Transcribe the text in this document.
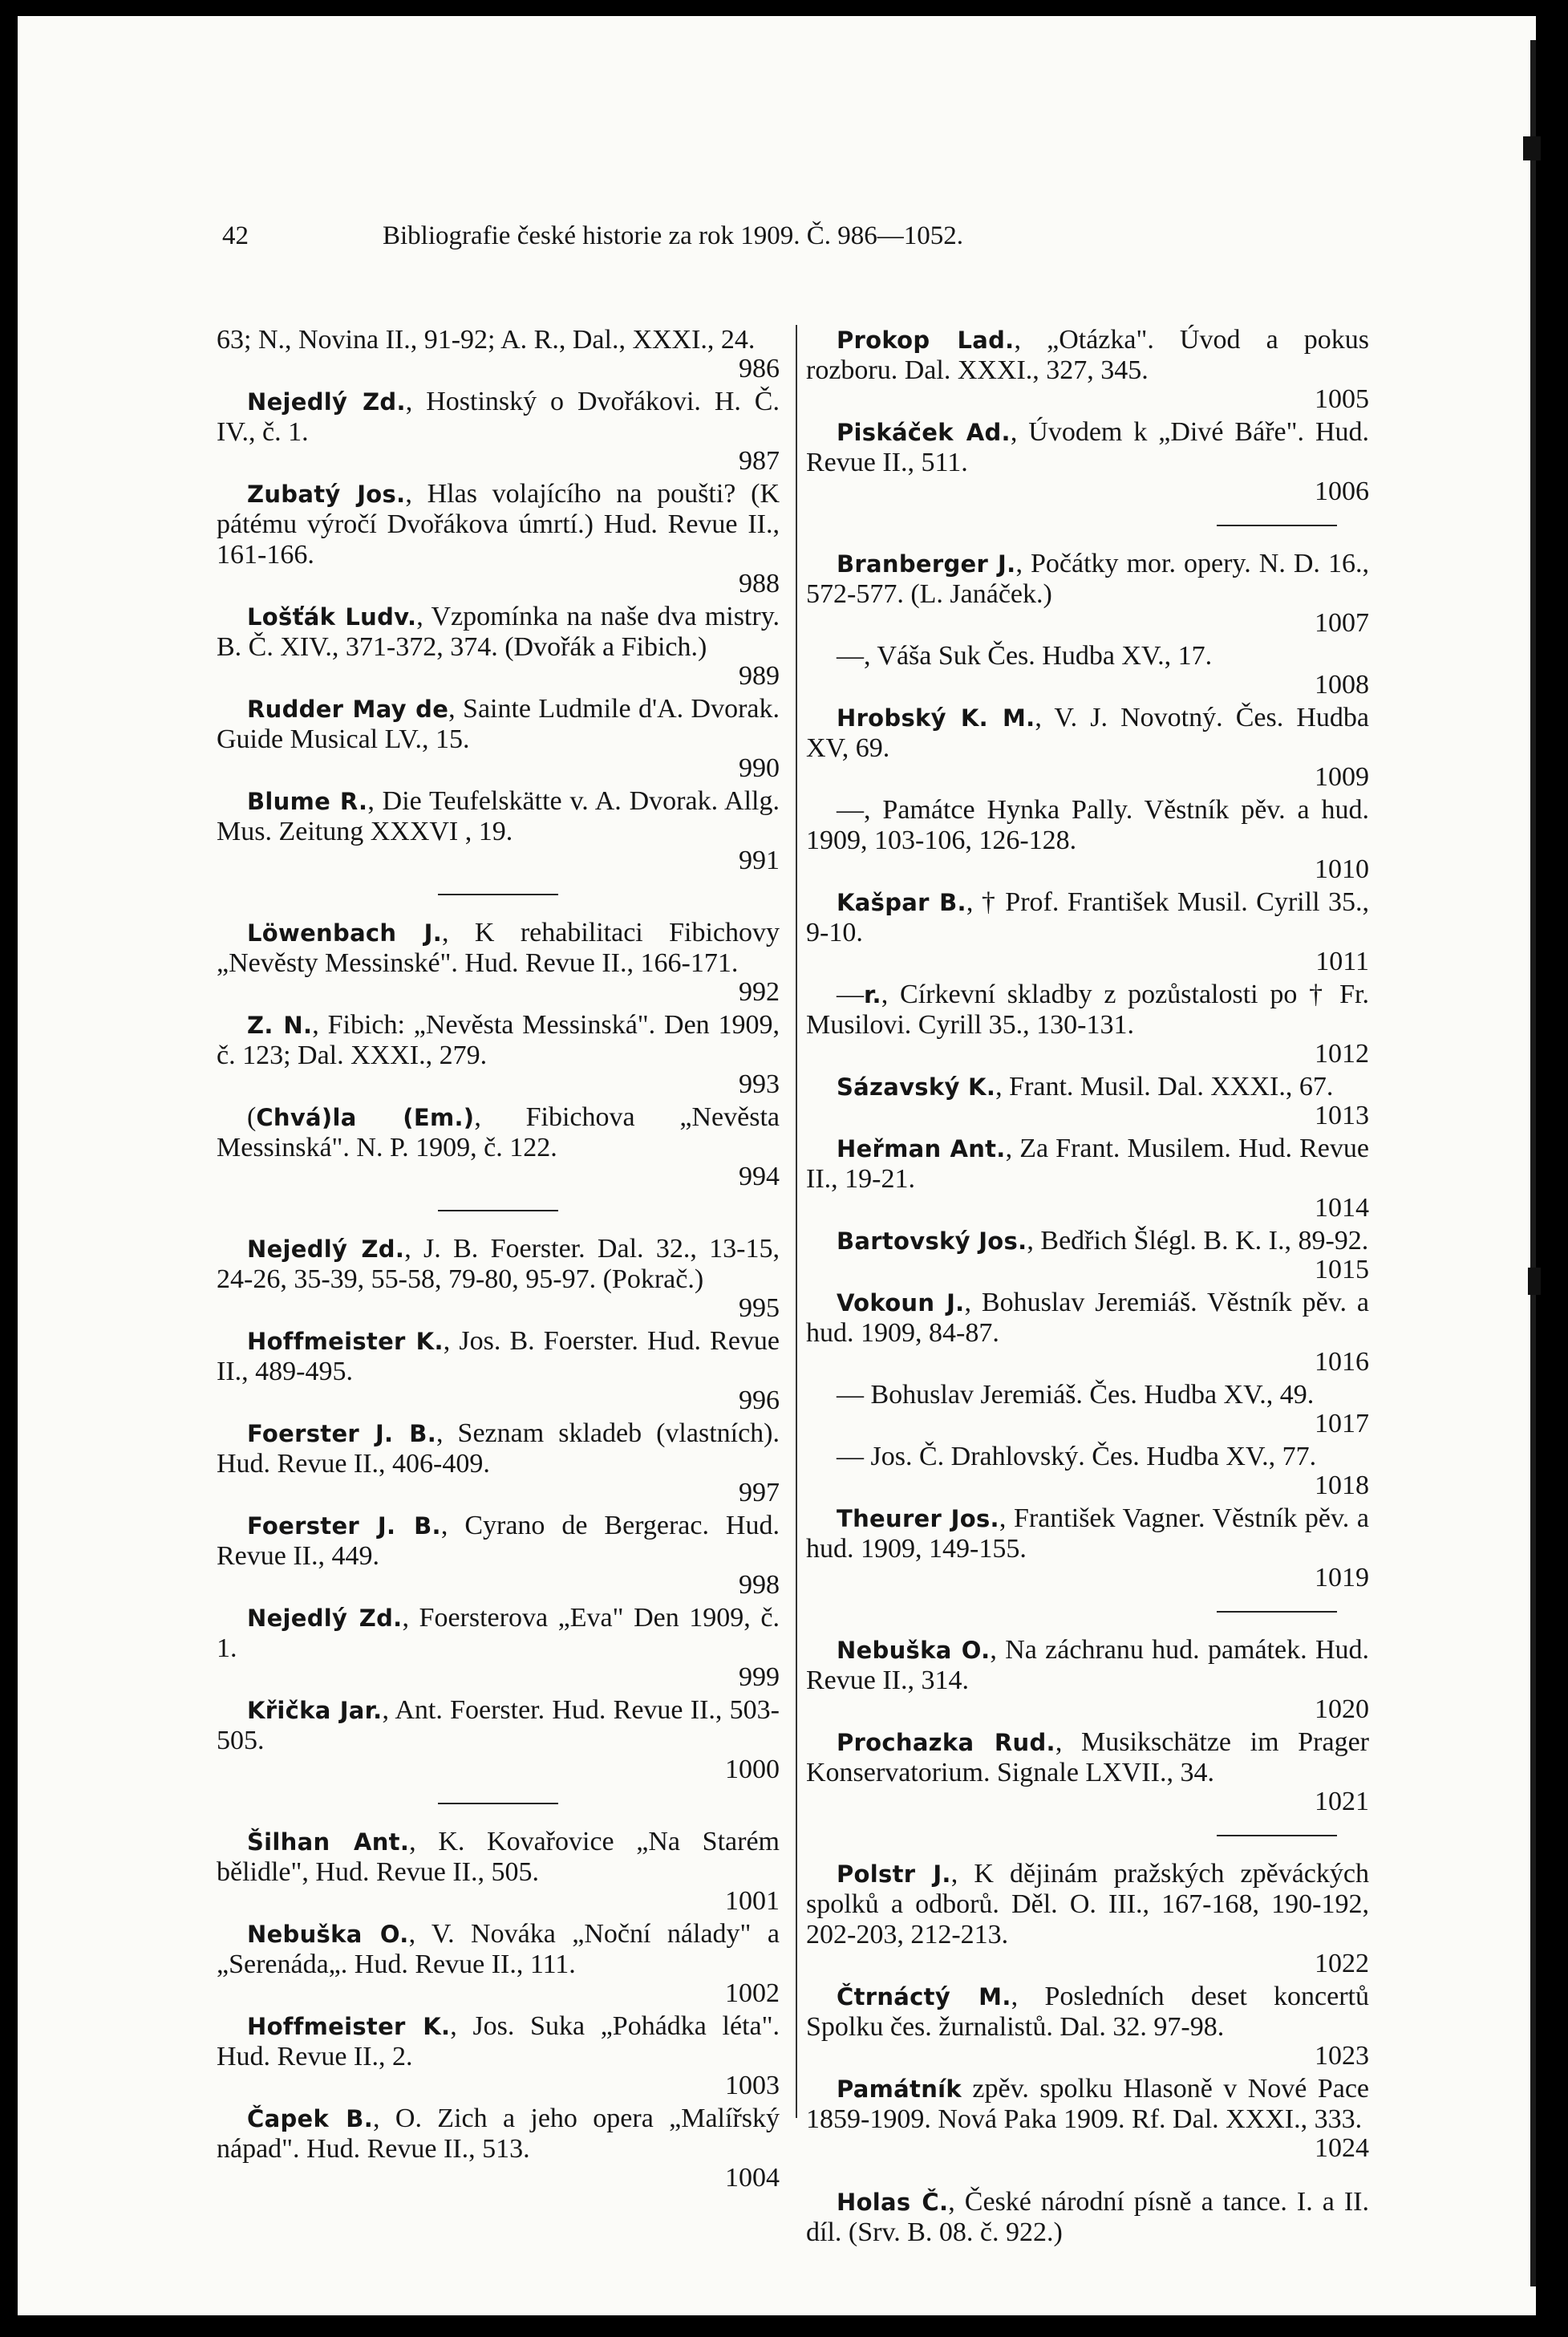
42	Bibliografie české historie za rok 1909. Č. 986—1052.
63; N., Novina II., 91-92; A. R., Dal., XXXI., 24.
986
Nejedlý Zd., Hostinský o Dvořákovi. H. Č. IV., č. 1.
987
Zubatý Jos., Hlas volajícího na poušti? (K pátému výročí Dvořákova úmrtí.) Hud. Revue II., 161-166.
988
Lošťák Ludv., Vzpomínka na naše dva mistry. B. Č. XIV., 371-372, 374. (Dvořák a Fibich.)
989
Rudder May de, Sainte Ludmile d'A. Dvorak. Guide Musical LV., 15.
990
Blume R., Die Teufelskätte v. A. Dvorak. Allg. Mus. Zeitung XXXVI , 19.
991
Löwenbach J., K rehabilitaci Fibichovy „Nevěsty Messinské". Hud. Revue II., 166-171.
992
Z. N., Fibich: „Nevěsta Messinská". Den 1909, č. 123; Dal. XXXI., 279.
993
(Chvá)la (Em.), Fibichova „Nevěsta Messinská". N. P. 1909, č. 122.
994
Nejedlý Zd., J. B. Foerster. Dal. 32., 13-15, 24-26, 35-39, 55-58, 79-80, 95-97. (Pokrač.)
995
Hoffmeister K., Jos. B. Foerster. Hud. Revue II., 489-495.
996
Foerster J. B., Seznam skladeb (vlastních). Hud. Revue II., 406-409.
997
Foerster J. B., Cyrano de Bergerac. Hud. Revue II., 449.
998
Nejedlý Zd., Foersterova „Eva" Den 1909, č. 1.
999
Křička Jar., Ant. Foerster. Hud. Revue II., 503-505.
1000
Šilhan Ant., K. Kovařovice „Na Starém bělidle", Hud. Revue II., 505.
1001
Nebuška O., V. Nováka „Noční nálady" a „Serenáda„. Hud. Revue II., 111.
1002
Hoffmeister K., Jos. Suka „Pohádka léta". Hud. Revue II., 2.
1003
Čapek B., O. Zich a jeho opera „Malířský nápad". Hud. Revue II., 513.
1004
Prokop Lad., „Otázka". Úvod a pokus rozboru. Dal. XXXI., 327, 345.
1005
Piskáček Ad., Úvodem k „Divé Báře". Hud. Revue II., 511.
1006
Branberger J., Počátky mor. opery. N. D. 16., 572-577. (L. Janáček.)
1007
—, Váša Suk Čes. Hudba XV., 17.
1008
Hrobský K. M., V. J. Novotný. Čes. Hudba XV, 69.
1009
—, Památce Hynka Pally. Věstník pěv. a hud. 1909, 103-106, 126-128.
1010
Kašpar B., † Prof. František Musil. Cyrill 35., 9-10.
1011
—r., Církevní skladby z pozůstalosti po † Fr. Musilovi. Cyrill 35., 130-131.
1012
Sázavský K., Frant. Musil. Dal. XXXI., 67.
1013
Heřman Ant., Za Frant. Musilem. Hud. Revue II., 19-21.
1014
Bartovský Jos., Bedřich Šlégl. B. K. I., 89-92.
1015
Vokoun J., Bohuslav Jeremiáš. Věstník pěv. a hud. 1909, 84-87.
1016
— Bohuslav Jeremiáš. Čes. Hudba XV., 49.
1017
— Jos. Č. Drahlovský. Čes. Hudba XV., 77.
1018
Theurer Jos., František Vagner. Věstník pěv. a hud. 1909, 149-155.
1019
Nebuška O., Na záchranu hud. památek. Hud. Revue II., 314.
1020
Prochazka Rud., Musikschätze im Prager Konservatorium. Signale LXVII., 34.
1021
Polstr J., K dějinám pražských zpěváckých spolků a odborů. Děl. O. III., 167-168, 190-192, 202-203, 212-213.
1022
Čtrnáctý M., Posledních deset koncertů Spolku čes. žurnalistů. Dal. 32. 97-98.
1023
Památník zpěv. spolku Hlasoně v Nové Pace 1859-1909. Nová Paka 1909. Rf. Dal. XXXI., 333.
1024
Holas Č., České národní písně a tance. I. a II. díl. (Srv. B. 08. č. 922.)
